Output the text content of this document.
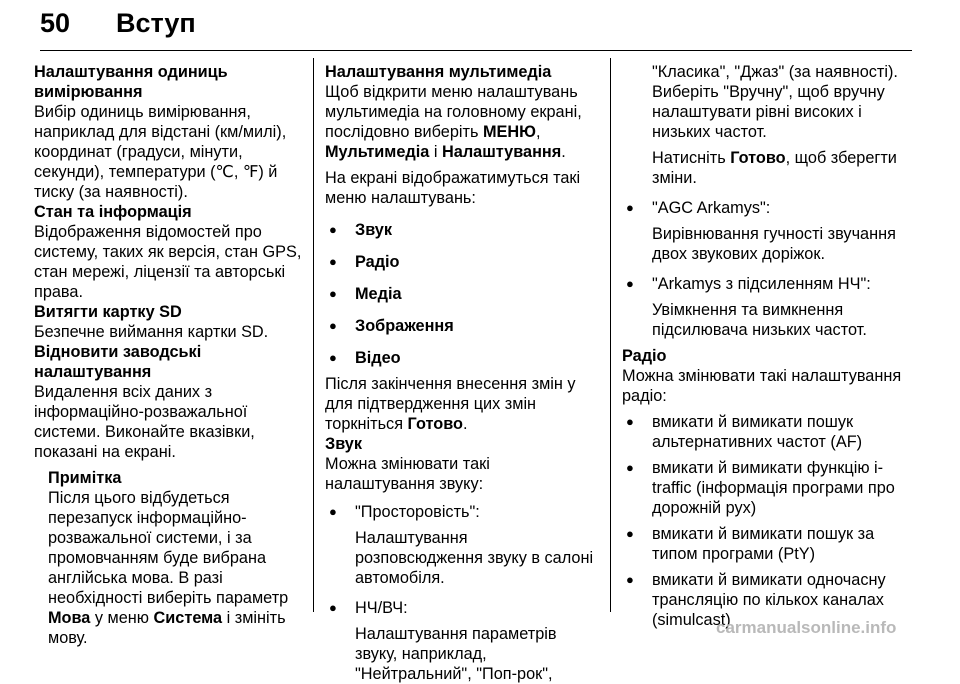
50 Вступ

Налаштування одиниць вимірювання

Вибір одиниць вимірювання, наприклад для відстані (км/милі), координат (градуси, мінути, секунди), температури (℃, ℉) й тиску (за наявності).

Стан та інформація

Відображення відомостей про систему, таких як версія, стан GPS, стан мережі, ліцензії та авторські права.

Витягти картку SD

Безпечне виймання картки SD.

Відновити заводські налаштування

Видалення всіх даних з інформаційно-розважальної системи. Виконайте вказівки, показані на екрані.

Примітка

Після цього відбудеться перезапуск інформаційно-розважальної системи, і за промовчанням буде вибрана англійська мова. В разі необхідності виберіть параметр Мова у меню Система і змініть мову.

Налаштування мультимедіа

Щоб відкрити меню налаштувань мультимедіа на головному екрані, послідовно виберіть МЕНЮ, Мультимедіа і Налаштування.

На екрані відображатимуться такі меню налаштувань:

● Звук
● Радіо
● Медіа
● Зображення
● Відео

Після закінчення внесення змін у для підтвердження цих змін торкніться Готово.

Звук

Можна змінювати такі налаштування звуку:

● "Просторовість":
Налаштування розповсюдження звуку в салоні автомобіля.
● НЧ/ВЧ:
Налаштування параметрів звуку, наприклад, "Нейтральний", "Поп-рок",

"Класика", "Джаз" (за наявності). Виберіть "Вручну", щоб вручну налаштувати рівні високих і низьких частот.

Натисніть Готово, щоб зберегти зміни.

● "AGC Arkamys":
Вирівнювання гучності звучання двох звукових доріжок.
● "Arkamys з підсиленням НЧ":
Увімкнення та вимкнення підсилювача низьких частот.

Радіо

Можна змінювати такі налаштування радіо:

● вмикати й вимикати пошук альтернативних частот (AF)
● вмикати й вимикати функцію і-traffic (інформація програми про дорожній рух)
● вмикати й вимикати пошук за типом програми (PtY)
● вмикати й вимикати одночасну трансляцію по кількох каналах (simulcast)
carmanualsonline.info
